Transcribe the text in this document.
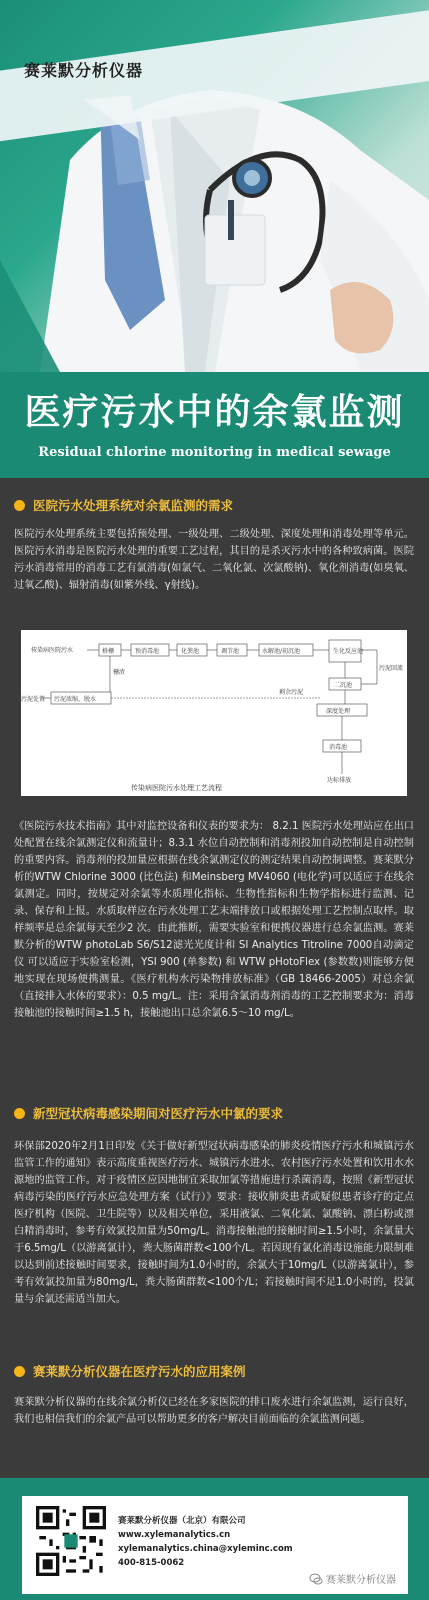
赛莱默分析仪器
医疗污水中的余氯监测
Residual chlorine monitoring in medical sewage
医院污水处理系统对余氯监测的需求

医院污水处理系统主要包括预处理、一级处理、二级处理、深度处理和消毒处理等单元。医院污水消毒是医院污水处理的重要工艺过程，其目的是杀灭污水中的各种致病菌。医院污水消毒常用的消毒工艺有氯消毒(如氯气、二氧化氯、次氯酸钠)、氧化剂消毒(如臭氧、过氧乙酸)、辐射消毒(如紫外线、γ射线)。

传染病医院污水	格栅	预消毒池	化粪池	调节池	水解池/初沉池	生化反应池
二沉池
深度处理
消毒池
达标排放
污泥处置 污泥浓缩、脱水
栅渣
剩余污泥
污泥回流
传染病医院污水处理工艺流程

《医院污水技术指南》其中对监控设备和仪表的要求为： 8.2.1 医院污水处理站应在出口处配置在线余氯测定仪和流量计；8.3.1 水位自动控制和消毒剂投加自动控制是自动控制的重要内容。消毒剂的投加量应根据在线余氯测定仪的测定结果自动控制调整。赛莱默分析的WTW Chlorine 3000 (比色法) 和Meinsberg MV4060 (电化学)可以适应于在线余氯测定。同时，按规定对余氯等水质理化指标、生物性指标和生物学指标进行监测、记录、保存和上报。水质取样应在污水处理工艺末端排放口或根据处理工艺控制点取样。取样频率是总余氯每天至少2 次。由此推断，需要实验室和便携仪器进行总余氯监测。赛莱默分析的WTW photoLab S6/S12滤光光度计和 SI Analytics Titroline 7000自动滴定仪 可以适应于实验室检测，YSI 900 (单参数) 和 WTW pHotoFlex (参数数)则能够方便地实现在现场便携测量。《医疗机构水污染物排放标准》（GB 18466-2005）对总余氯（直接排入水体的要求）：0.5 mg/L。注：采用含氯消毒剂消毒的工艺控制要求为：消毒接触池的接触时间≥1.5 h，接触池出口总余氯6.5～10 mg/L。

新型冠状病毒感染期间对医疗污水中氯的要求

环保部2020年2月1日印发《关于做好新型冠状病毒感染的肺炎疫情医疗污水和城镇污水监管工作的通知》表示高度重视医疗污水、城镇污水进水、农村医疗污水处置和饮用水水源地的监管工作。对于疫情区应因地制宜采取加氯等措施进行杀菌消毒，按照《新型冠状病毒污染的医疗污水应急处理方案（试行）》要求：接收肺炎患者或疑似患者诊疗的定点医疗机构（医院、卫生院等）以及相关单位，采用液氯、二氧化氯、氯酸钠、漂白粉或漂白精消毒时，参考有效氯投加量为50mg/L。消毒接触池的接触时间≥1.5小时，余氯量大于6.5mg/L（以游离氯计），粪大肠菌群数<100个/L。若因现有氯化消毒设施能力限制难以达到前述接触时间要求，接触时间为1.0小时的，余氯大于10mg/L（以游离氯计），参考有效氯投加量为80mg/L，粪大肠菌群数<100个/L；若接触时间不足1.0小时的，投氯量与余氯还需适当加大。

赛莱默分析仪器在医疗污水的应用案例

赛莱默分析仪器的在线余氯分析仪已经在多家医院的排口废水进行余氯监测，运行良好，我们也相信我们的余氯产品可以帮助更多的客户解决目前面临的余氯监测问题。

赛莱默分析仪器（北京）有限公司
www.xylemanalytics.cn
xylemanalytics.china@xyleminc.com
400-815-0062
赛莱默分析仪器
